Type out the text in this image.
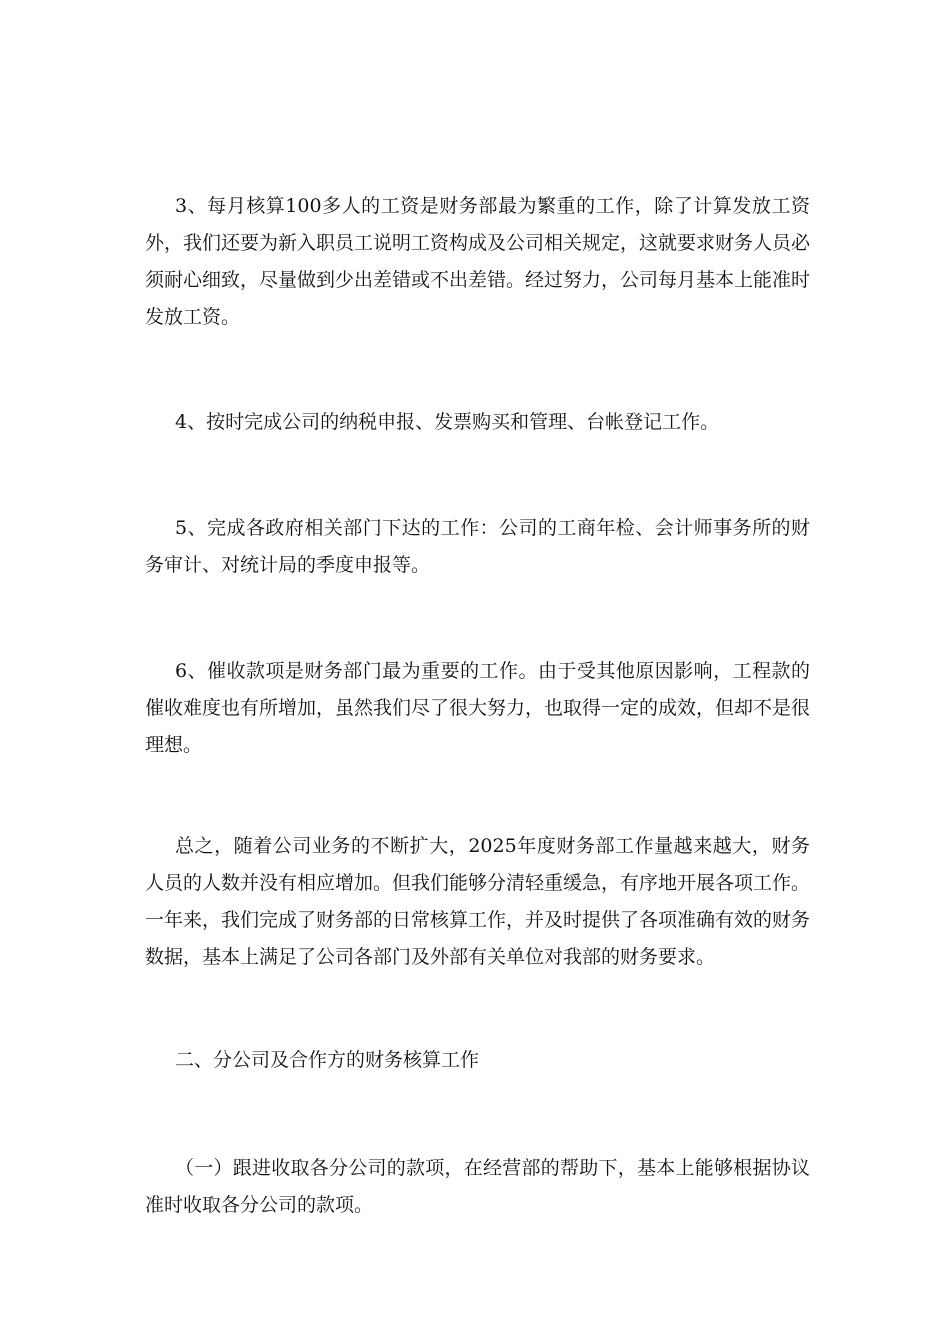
3、每月核算100多人的工资是财务部最为繁重的工作，除了计算发放工资外，我们还要为新入职员工说明工资构成及公司相关规定，这就要求财务人员必须耐心细致，尽量做到少出差错或不出差错。经过努力，公司每月基本上能准时发放工资。

4、按时完成公司的纳税申报、发票购买和管理、台帐登记工作。

5、完成各政府相关部门下达的工作：公司的工商年检、会计师事务所的财务审计、对统计局的季度申报等。

6、催收款项是财务部门最为重要的工作。由于受其他原因影响，工程款的催收难度也有所增加，虽然我们尽了很大努力，也取得一定的成效，但却不是很理想。

总之，随着公司业务的不断扩大，2025年度财务部工作量越来越大，财务人员的人数并没有相应增加。但我们能够分清轻重缓急，有序地开展各项工作。一年来，我们完成了财务部的日常核算工作，并及时提供了各项准确有效的财务数据，基本上满足了公司各部门及外部有关单位对我部的财务要求。

二、分公司及合作方的财务核算工作

（一）跟进收取各分公司的款项，在经营部的帮助下，基本上能够根据协议准时收取各分公司的款项。
